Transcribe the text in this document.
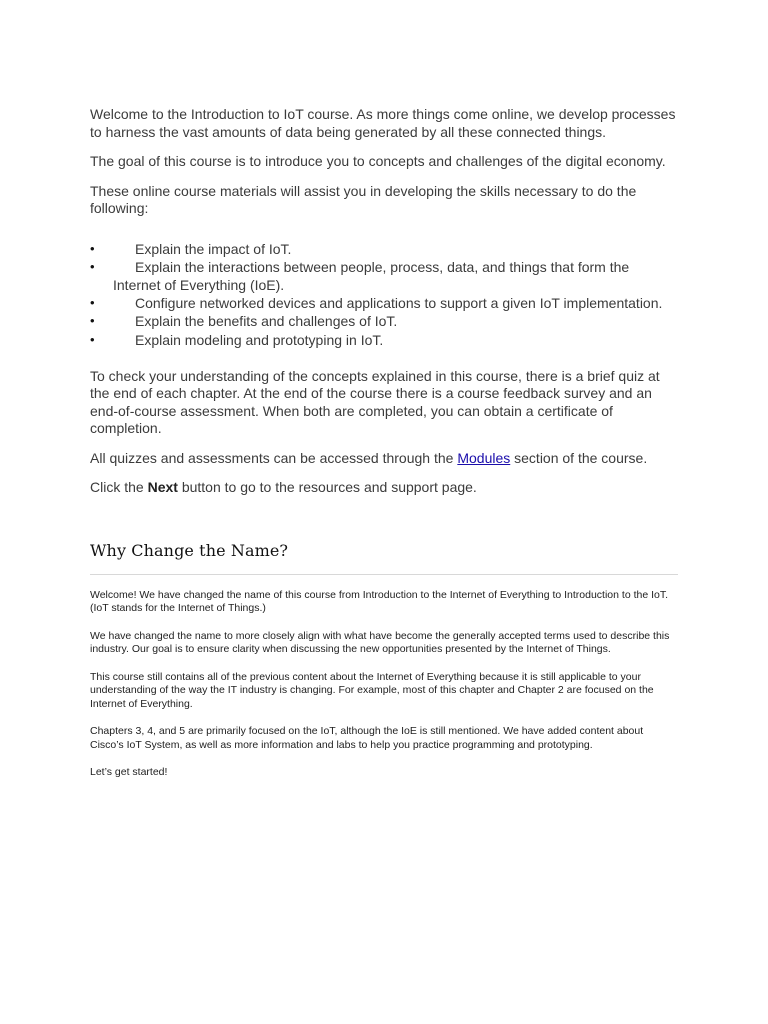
Welcome to the Introduction to IoT course. As more things come online, we develop processes to harness the vast amounts of data being generated by all these connected things.

The goal of this course is to introduce you to concepts and challenges of the digital economy.

These online course materials will assist you in developing the skills necessary to do the following:

•	Explain the impact of IoT.
•	Explain the interactions between people, process, data, and things that form the Internet of Everything (IoE).
•	Configure networked devices and applications to support a given IoT implementation.
•	Explain the benefits and challenges of IoT.
•	Explain modeling and prototyping in IoT.

To check your understanding of the concepts explained in this course, there is a brief quiz at the end of each chapter. At the end of the course there is a course feedback survey and an end-of-course assessment. When both are completed, you can obtain a certificate of completion.

All quizzes and assessments can be accessed through the Modules section of the course.

Click the Next button to go to the resources and support page.

Why Change the Name?

Welcome! We have changed the name of this course from Introduction to the Internet of Everything to Introduction to the IoT. (IoT stands for the Internet of Things.)

We have changed the name to more closely align with what have become the generally accepted terms used to describe this industry. Our goal is to ensure clarity when discussing the new opportunities presented by the Internet of Things.

This course still contains all of the previous content about the Internet of Everything because it is still applicable to your understanding of the way the IT industry is changing. For example, most of this chapter and Chapter 2 are focused on the Internet of Everything.

Chapters 3, 4, and 5 are primarily focused on the IoT, although the IoE is still mentioned. We have added content about Cisco’s IoT System, as well as more information and labs to help you practice programming and prototyping.

Let’s get started!
